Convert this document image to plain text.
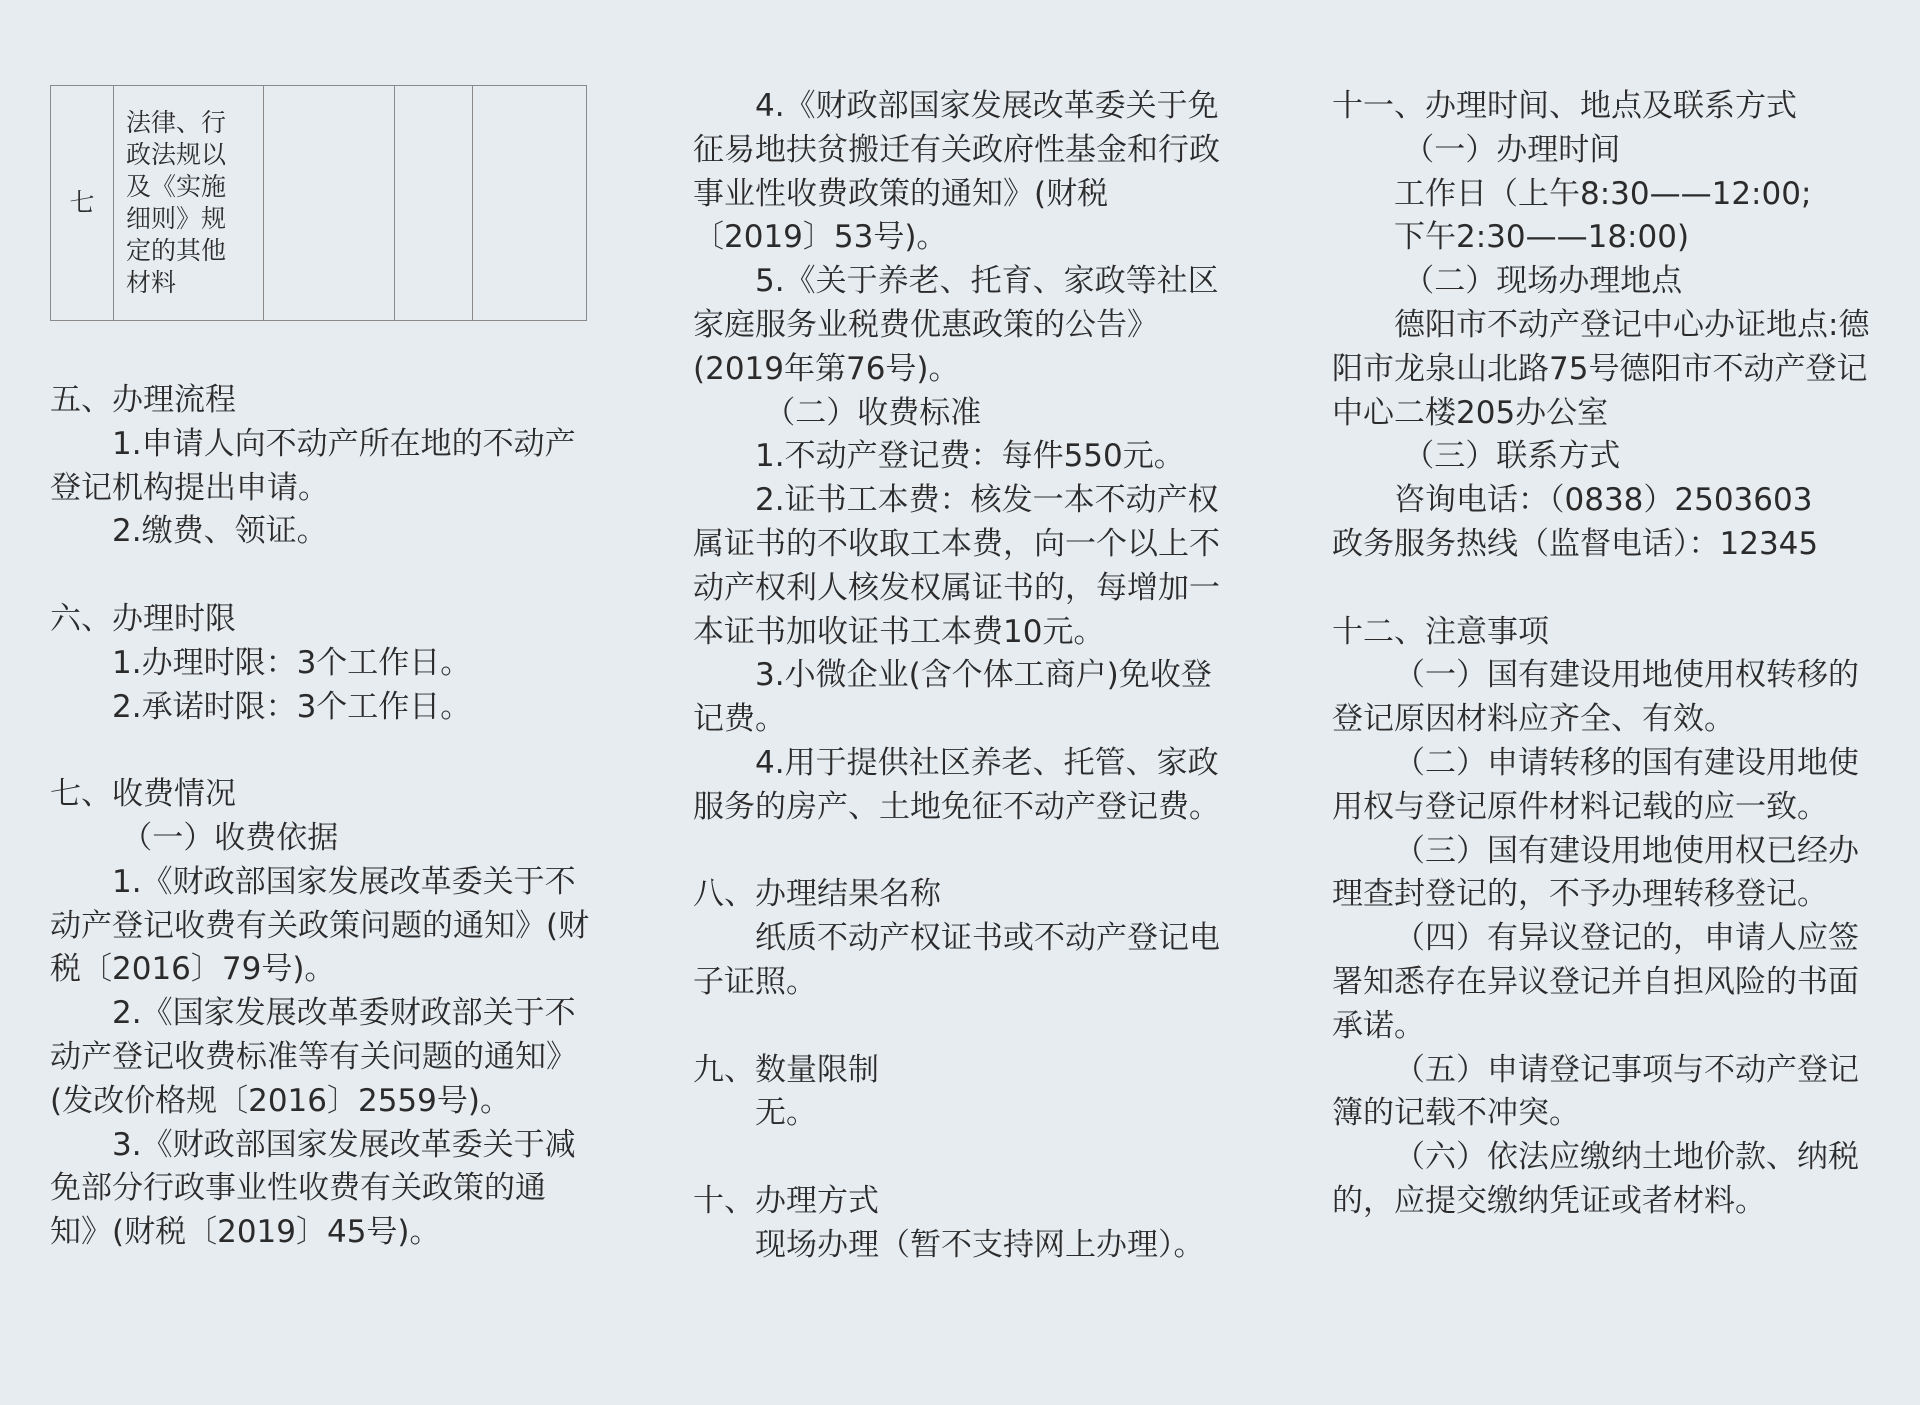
七	法律、行政法规以及《实施细则》规定的其他材料			

五、办理流程

1.申请人向不动产所在地的不动产登记机构提出申请。

2.缴费、领证。

六、办理时限

1.办理时限：3个工作日。

2.承诺时限：3个工作日。

七、收费情况

（一）收费依据

1.《财政部国家发展改革委关于不动产登记收费有关政策问题的通知》(财税〔2016〕79号)。

2.《国家发展改革委财政部关于不动产登记收费标准等有关问题的通知》(发改价格规〔2016〕2559号)。

3.《财政部国家发展改革委关于减免部分行政事业性收费有关政策的通知》(财税〔2019〕45号)。

4.《财政部国家发展改革委关于免征易地扶贫搬迁有关政府性基金和行政事业性收费政策的通知》(财税〔2019〕53号)。

5.《关于养老、托育、家政等社区家庭服务业税费优惠政策的公告》(2019年第76号)。

（二）收费标准

1.不动产登记费：每件550元。

2.证书工本费：核发一本不动产权属证书的不收取工本费，向一个以上不动产权利人核发权属证书的，每增加一本证书加收证书工本费10元。

3.小微企业(含个体工商户)免收登记费。

4.用于提供社区养老、托管、家政服务的房产、土地免征不动产登记费。

八、办理结果名称

纸质不动产权证书或不动产登记电子证照。

九、数量限制

无。

十、办理方式

现场办理（暂不支持网上办理）。

十一、办理时间、地点及联系方式

（一）办理时间

工作日（上午8:30——12:00;

下午2:30——18:00)

（二）现场办理地点

德阳市不动产登记中心办证地点:德阳市龙泉山北路75号德阳市不动产登记中心二楼205办公室

（三）联系方式

咨询电话：（0838）2503603

政务服务热线（监督电话）：12345

十二、注意事项

（一）国有建设用地使用权转移的登记原因材料应齐全、有效。

（二）申请转移的国有建设用地使用权与登记原件材料记载的应一致。

（三）国有建设用地使用权已经办理查封登记的，不予办理转移登记。

（四）有异议登记的，申请人应签署知悉存在异议登记并自担风险的书面承诺。

（五）申请登记事项与不动产登记簿的记载不冲突。

（六）依法应缴纳土地价款、纳税的，应提交缴纳凭证或者材料。
